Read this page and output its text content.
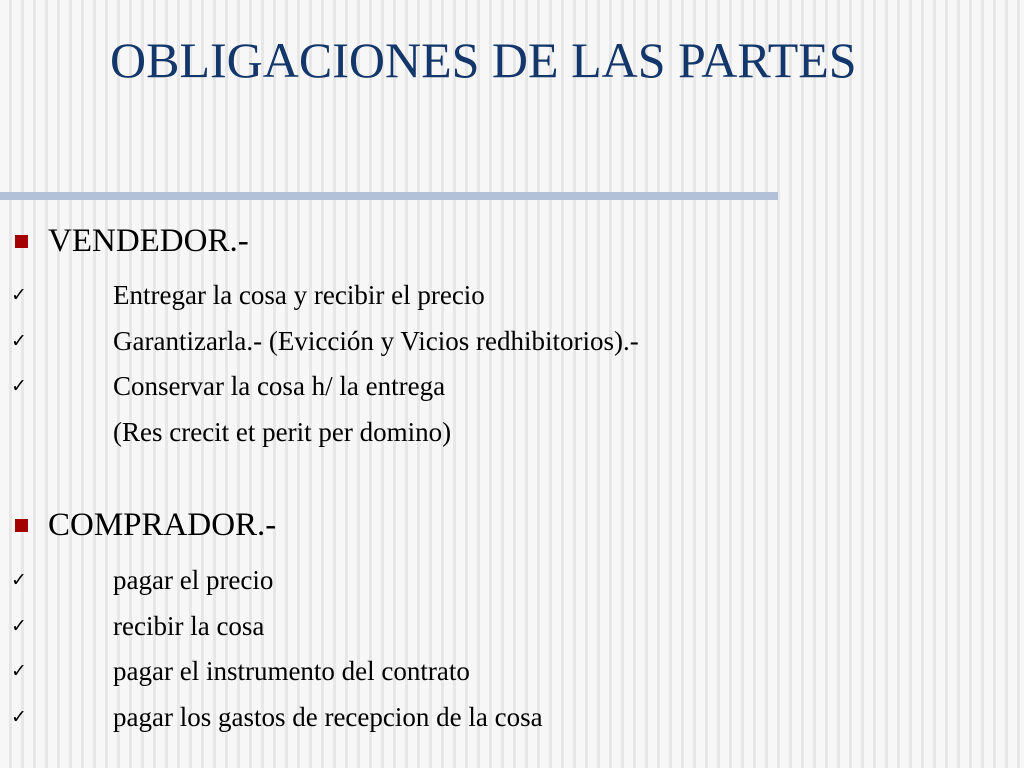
OBLIGACIONES DE LAS PARTES
VENDEDOR.-
✓	Entregar la cosa y recibir el precio
✓	Garantizarla.- (Evicción y Vicios redhibitorios).-
✓	Conservar la cosa h/ la entrega
(Res crecit et perit per domino)
COMPRADOR.-
✓	pagar el precio
✓	recibir la cosa
✓	pagar el instrumento del contrato
✓	pagar los gastos de recepcion de la cosa
